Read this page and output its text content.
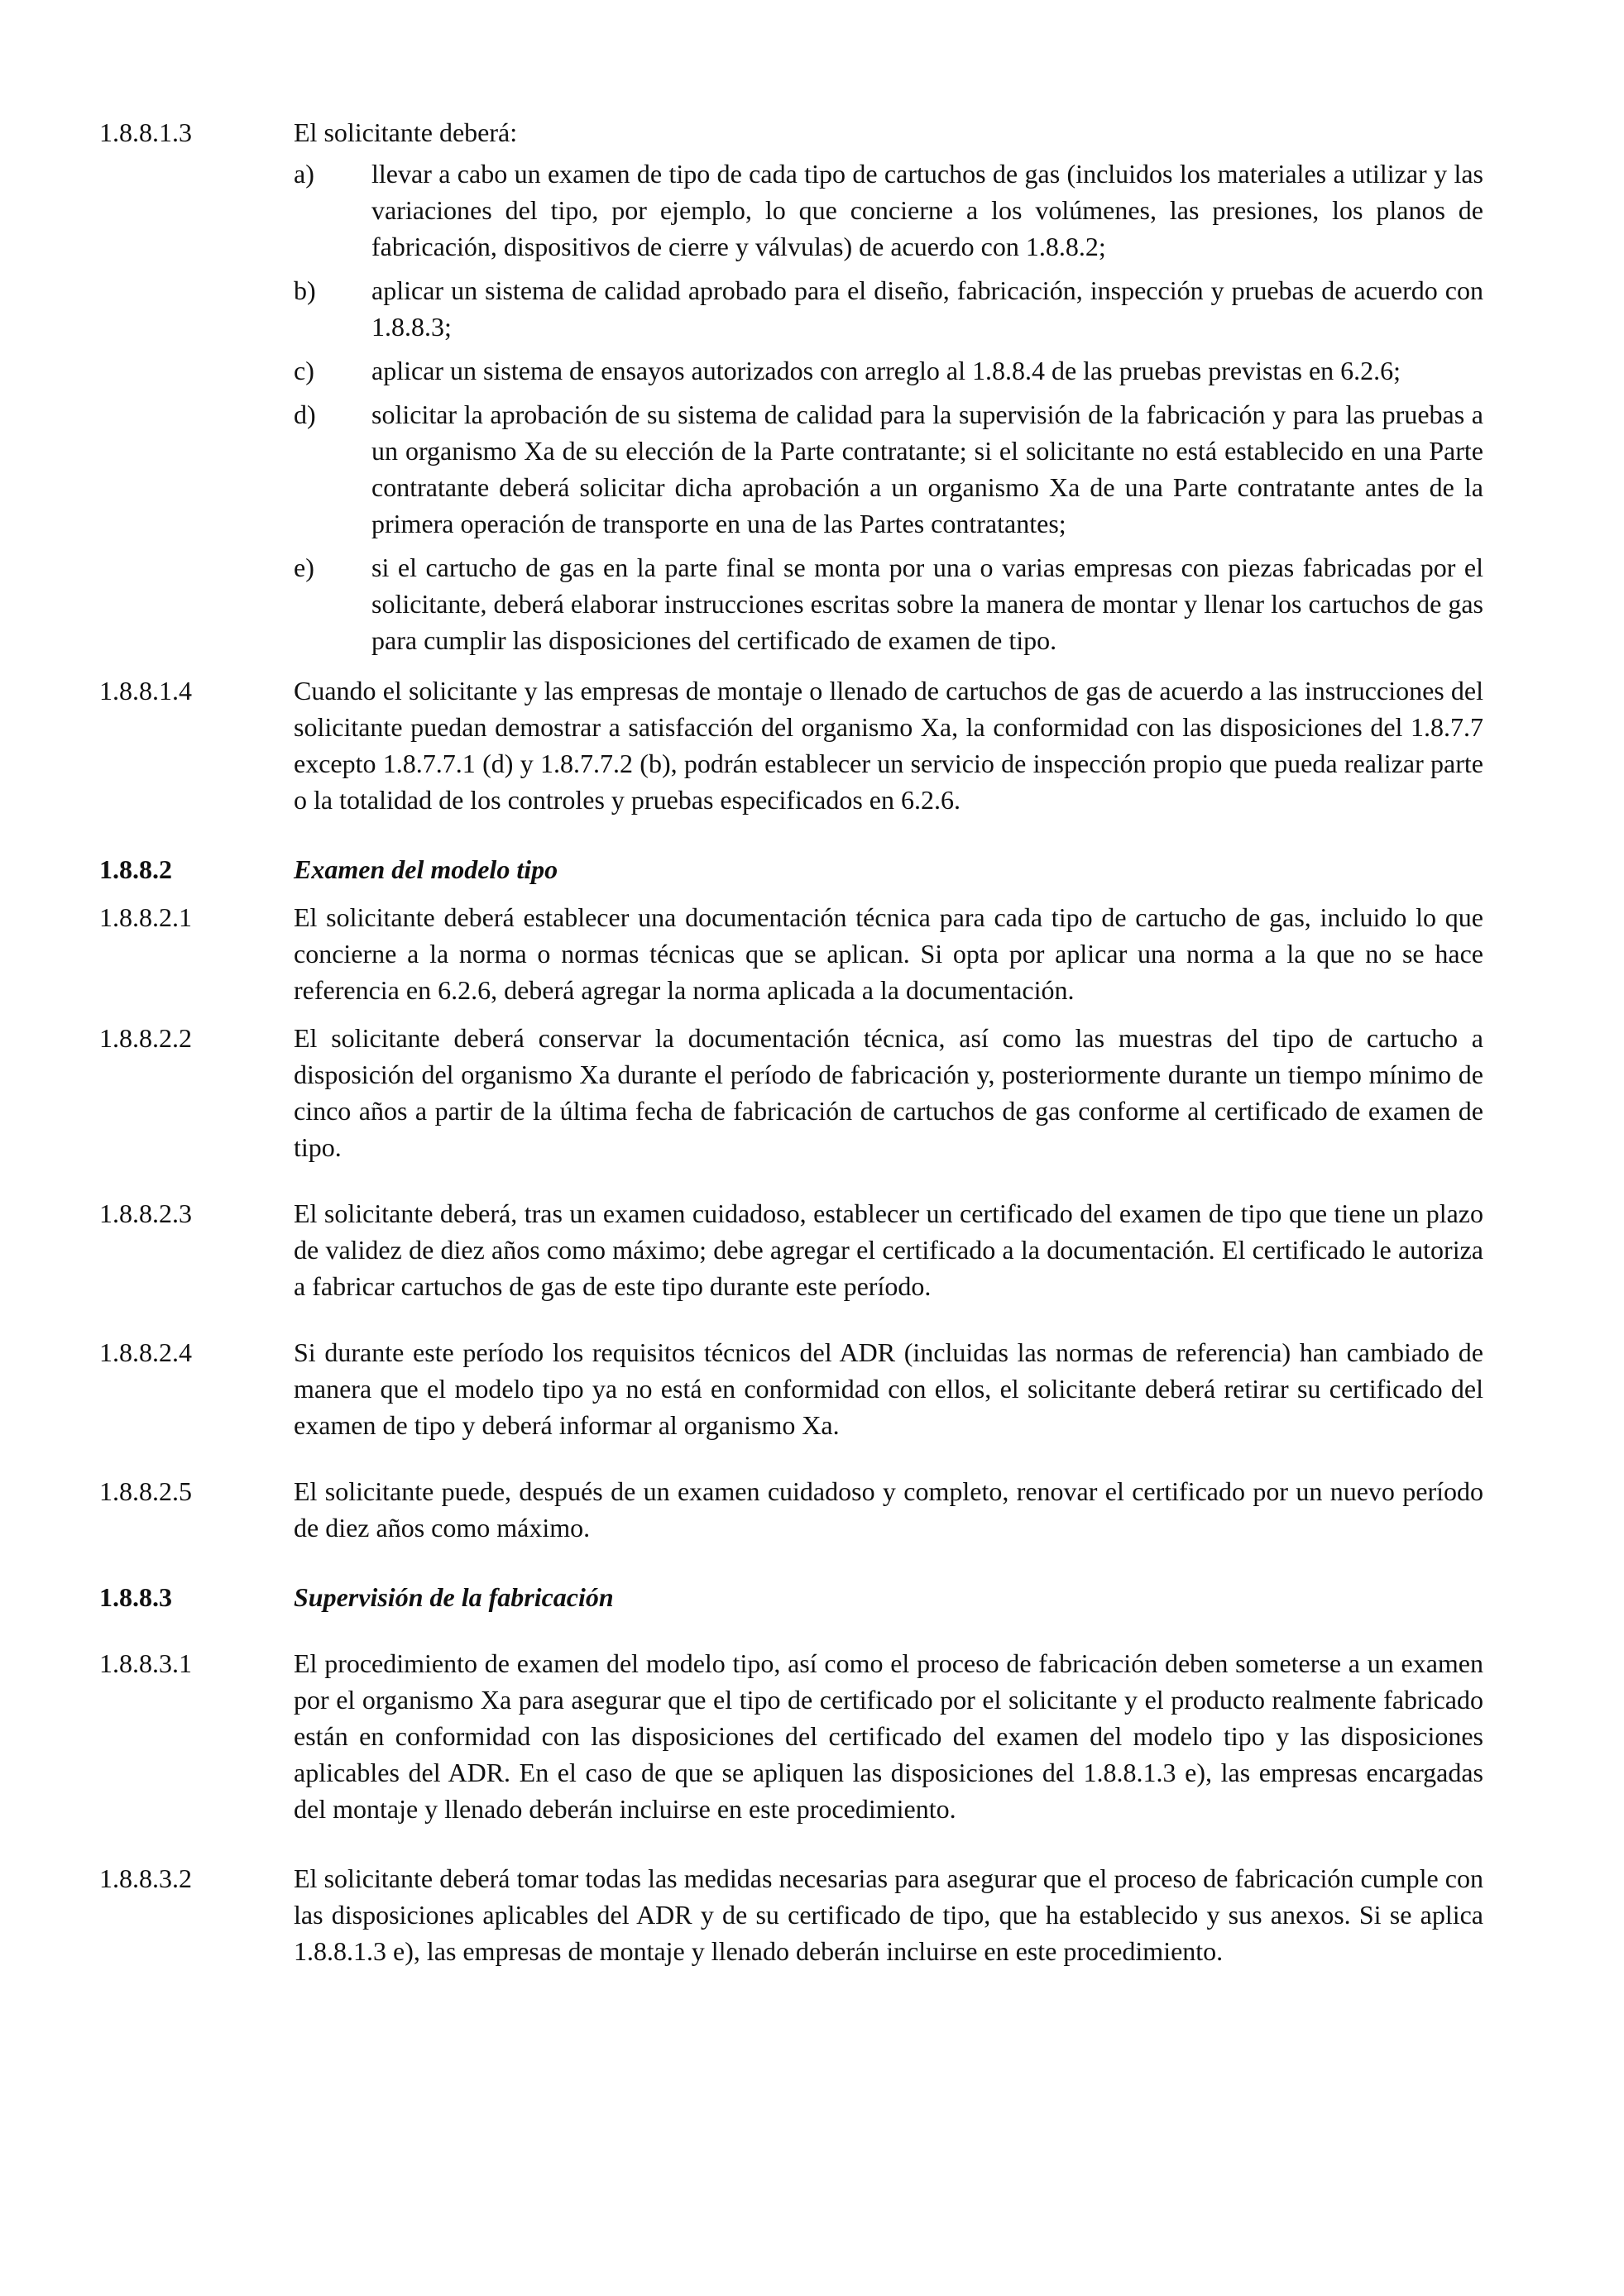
1.8.8.1.3	El solicitante deberá:
a)	llevar a cabo un examen de tipo de cada tipo de cartuchos de gas (incluidos los materiales a utilizar y las variaciones del tipo, por ejemplo, lo que concierne a los volúmenes, las presiones, los planos de fabricación, dispositivos de cierre y válvulas) de acuerdo con 1.8.8.2;
b)	aplicar un sistema de calidad aprobado para el diseño, fabricación, inspección y pruebas de acuerdo con 1.8.8.3;
c)	aplicar un sistema de ensayos autorizados con arreglo al 1.8.8.4 de las pruebas previstas en 6.2.6;
d)	solicitar la aprobación de su sistema de calidad para la supervisión de la fabricación y para las pruebas a un organismo Xa de su elección de la Parte contratante; si el solicitante no está establecido en una Parte contratante deberá solicitar dicha aprobación a un organismo Xa de una Parte contratante antes de la primera operación de transporte en una de las Partes contratantes;
e)	si el cartucho de gas en la parte final se monta por una o varias empresas con piezas fabricadas por el solicitante, deberá elaborar instrucciones escritas sobre la manera de montar y llenar los cartuchos de gas para cumplir las disposiciones del certificado de examen de tipo.
1.8.8.1.4	Cuando el solicitante y las empresas de montaje o llenado de cartuchos de gas de acuerdo a las instrucciones del solicitante puedan demostrar a satisfacción del organismo Xa, la conformidad con las disposiciones del 1.8.7.7 excepto 1.8.7.7.1 (d) y 1.8.7.7.2 (b), podrán establecer un servicio de inspección propio que pueda realizar parte o la totalidad de los controles y pruebas especificados en 6.2.6.
1.8.8.2	Examen del modelo tipo
1.8.8.2.1	El solicitante deberá establecer una documentación técnica para cada tipo de cartucho de gas, incluido lo que concierne a la norma o normas técnicas que se aplican. Si opta por aplicar una norma a la que no se hace referencia en 6.2.6, deberá agregar la norma aplicada a la documentación.
1.8.8.2.2	El solicitante deberá conservar la documentación técnica, así como las muestras del tipo de cartucho a disposición del organismo Xa durante el período de fabricación y, posteriormente durante un tiempo mínimo de cinco años a partir de la última fecha de fabricación de cartuchos de gas conforme al certificado de examen de tipo.
1.8.8.2.3	El solicitante deberá, tras un examen cuidadoso, establecer un certificado del examen de tipo que tiene un plazo de validez de diez años como máximo; debe agregar el certificado a la documentación. El certificado le autoriza a fabricar cartuchos de gas de este tipo durante este período.
1.8.8.2.4	Si durante este período los requisitos técnicos del ADR (incluidas las normas de referencia) han cambiado de manera que el modelo tipo ya no está en conformidad con ellos, el solicitante deberá retirar su certificado del examen de tipo y deberá informar al organismo Xa.
1.8.8.2.5	El solicitante puede, después de un examen cuidadoso y completo, renovar el certificado por un nuevo período de diez años como máximo.
1.8.8.3	Supervisión de la fabricación
1.8.8.3.1	El procedimiento de examen del modelo tipo, así como el proceso de fabricación deben someterse a un examen por el organismo Xa para asegurar que el tipo de certificado por el solicitante y el producto realmente fabricado están en conformidad con las disposiciones del certificado del examen del modelo tipo y las disposiciones aplicables del ADR. En el caso de que se apliquen las disposiciones del 1.8.8.1.3 e), las empresas encargadas del montaje y llenado deberán incluirse en este procedimiento.
1.8.8.3.2	El solicitante deberá tomar todas las medidas necesarias para asegurar que el proceso de fabricación cumple con las disposiciones aplicables del ADR y de su certificado de tipo, que ha establecido y sus anexos. Si se aplica 1.8.8.1.3 e), las empresas de montaje y llenado deberán incluirse en este procedimiento.
